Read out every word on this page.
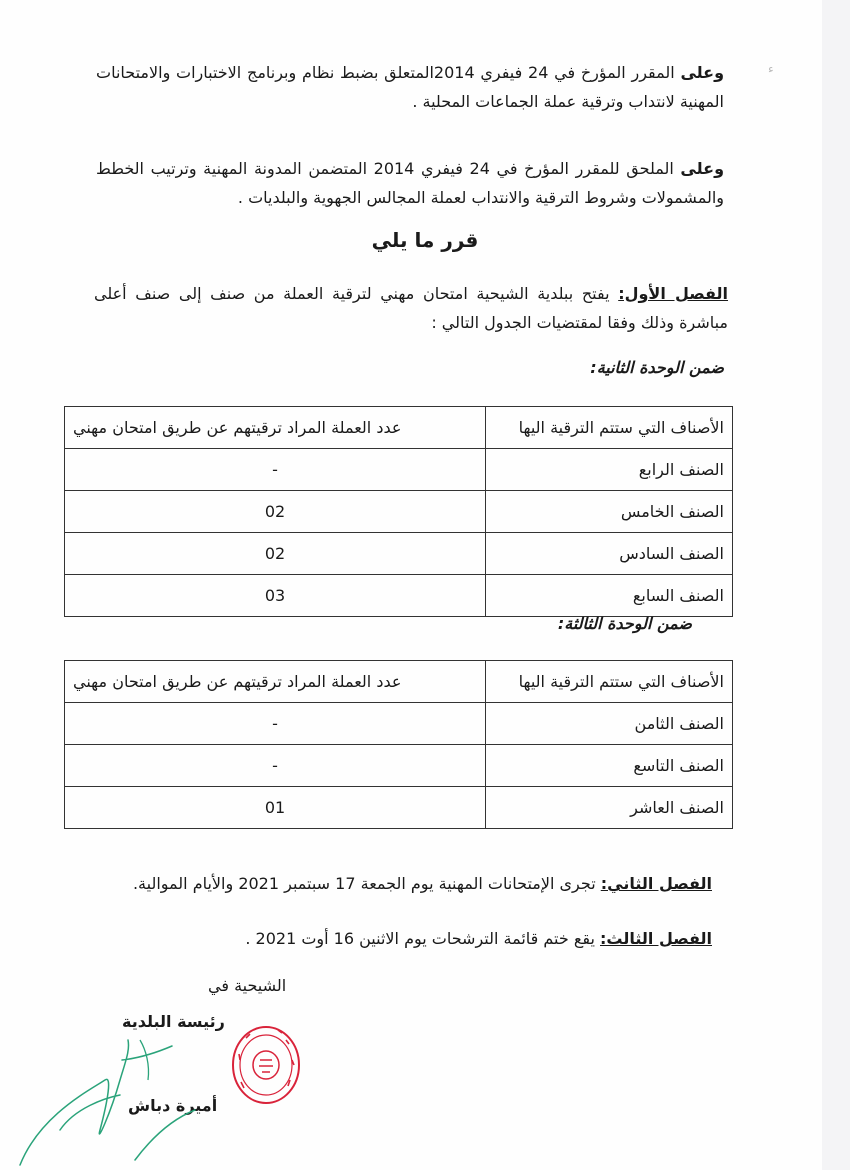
ﺀ
وعلى المقرر المؤرخ في 24 فيفري 2014المتعلق بضبط نظام وبرنامج الاختبارات والامتحانات المهنية لانتداب وترقية عملة الجماعات المحلية .
وعلى الملحق للمقرر المؤرخ في 24 فيفري 2014 المتضمن المدونة المهنية وترتيب الخطط والمشمولات وشروط الترقية والانتداب لعملة المجالس الجهوية والبلديات .
قرر ما يلي
الفصل الأول: يفتح ببلدية الشيحية امتحان مهني لترقية العملة من صنف إلى صنف أعلى مباشرة وذلك وفقا لمقتضيات الجدول التالي :
ضمن الوحدة الثانية:
الأصناف التي ستتم الترقية اليها	عدد العملة المراد ترقيتهم عن طريق امتحان مهني
الصنف الرابع	-
الصنف الخامس	02
الصنف السادس	02
الصنف السابع	03
ضمن الوحدة الثالثة:
الأصناف التي ستتم الترقية اليها	عدد العملة المراد ترقيتهم عن طريق امتحان مهني
الصنف الثامن	-
الصنف التاسع	-
الصنف العاشر	01
الفصل الثاني: تجرى الإمتحانات المهنية يوم الجمعة 17 سبتمبر 2021 والأيام الموالية.
الفصل الثالث: يقع ختم قائمة الترشحات يوم الاثنين 16 أوت 2021 .
الشيحية في
رئيسة البلدية
أميرة دباش
